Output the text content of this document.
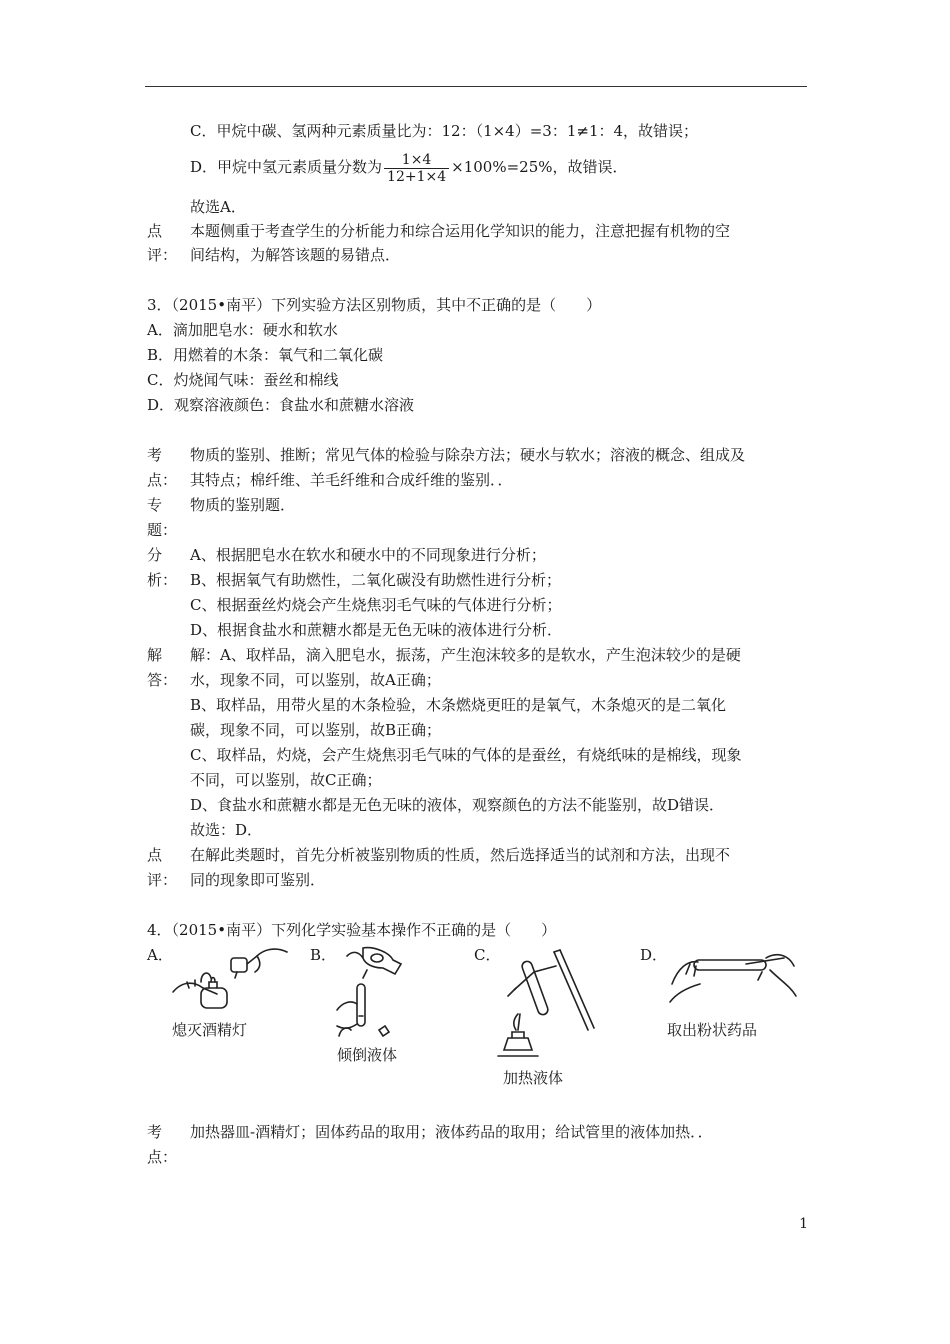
C．甲烷中碳、氢两种元素质量比为：12：（1×4）=3：1≠1：4，故错误；
D．甲烷中氢元素质量分数为 $\frac{1\times 4}{12+1\times 4} \times 100\%=25\%$，故错误．
故选A．
点
评：
本题侧重于考查学生的分析能力和综合运用化学知识的能力，注意把握有机物的空
间结构，为解答该题的易错点．
3．（2015•南平）下列实验方法区别物质，其中不正确的是（　　）
A．滴加肥皂水：硬水和软水
B．用燃着的木条：氧气和二氧化碳
C．灼烧闻气味：蚕丝和棉线
D．观察溶液颜色：食盐水和蔗糖水溶液
考
点：
物质的鉴别、推断；常见气体的检验与除杂方法；硬水与软水；溶液的概念、组成及
其特点；棉纤维、羊毛纤维和合成纤维的鉴别．．
专
题：
物质的鉴别题．
分
析：
A、根据肥皂水在软水和硬水中的不同现象进行分析；
B、根据氧气有助燃性，二氧化碳没有助燃性进行分析；
C、根据蚕丝灼烧会产生烧焦羽毛气味的气体进行分析；
D、根据食盐水和蔗糖水都是无色无味的液体进行分析．
解
答：
解：A、取样品，滴入肥皂水，振荡，产生泡沫较多的是软水，产生泡沫较少的是硬
水，现象不同，可以鉴别，故A正确；
B、取样品，用带火星的木条检验，木条燃烧更旺的是氧气，木条熄灭的是二氧化
碳，现象不同，可以鉴别，故B正确；
C、取样品，灼烧，会产生烧焦羽毛气味的气体的是蚕丝，有烧纸味的是棉线，现象
不同，可以鉴别，故C正确；
D、食盐水和蔗糖水都是无色无味的液体，观察颜色的方法不能鉴别，故D错误．
故选：D．
点
评：
在解此类题时，首先分析被鉴别物质的性质，然后选择适当的试剂和方法，出现不
同的现象即可鉴别．
4．（2015•南平）下列化学实验基本操作不正确的是（　　）
A．	B．	C．	D．
熄灭酒精灯
倾倒液体
加热液体
取出粉状药品
考
点：
加热器皿-酒精灯；固体药品的取用；液体药品的取用；给试管里的液体加热．．
1
